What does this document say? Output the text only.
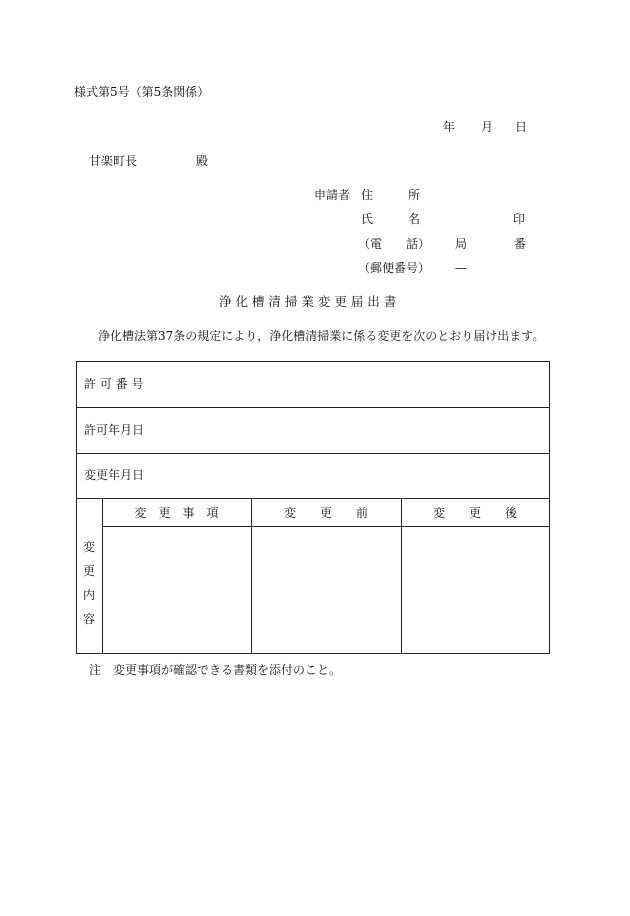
様式第5号（第5条関係）
年 月 日
甘楽町長	殿
申請者 住	所
氏	名	印
（電　　話） 局	番
（郵便番号） —
浄 化 槽 清 掃 業 変 更 届 出 書
浄化槽法第37条の規定により，浄化槽清掃業に係る変更を次のとおり届け出ます。
許 可 番 号
許可年月日
変更年月日
変　更　事　項	変　　更　　前	変　　更　　後
変
更
内
容
注　変更事項が確認できる書類を添付のこと。
